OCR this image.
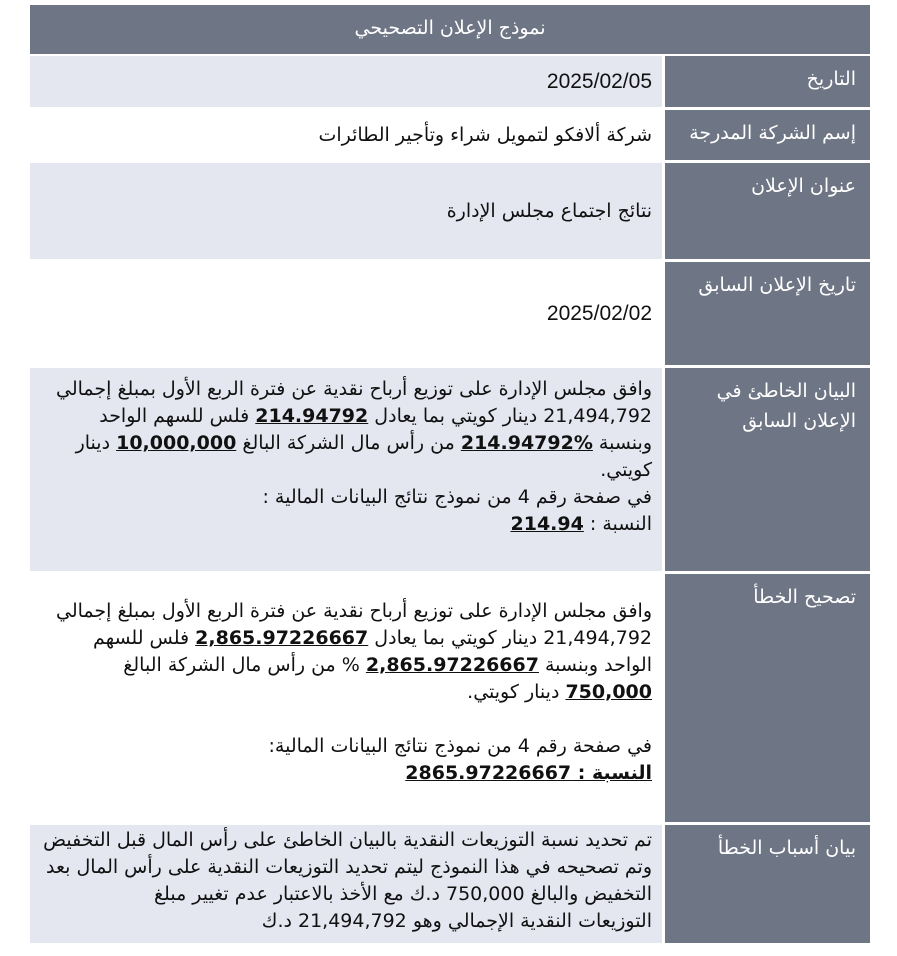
نموذج الإعلان التصحيحي
التاريخ
2025/02/05
إسم الشركة المدرجة
شركة ألافكو لتمويل شراء وتأجير الطائرات
عنوان الإعلان
نتائج اجتماع مجلس الإدارة
تاريخ الإعلان السابق
2025/02/02
البيان الخاطئ في
الإعلان السابق
وافق مجلس الإدارة على توزيع أرباح نقدية عن فترة الربع الأول بمبلغ إجمالي
21,494,792 دينار كويتي بما يعادل 214.94792 فلس للسهم الواحد
وبنسبة 214.94792% من رأس مال الشركة البالغ 10,000,000 دينار
كويتي.
في صفحة رقم 4 من نموذج نتائج البيانات المالية :
النسبة : 214.94
تصحيح الخطأ
وافق مجلس الإدارة على توزيع أرباح نقدية عن فترة الربع الأول بمبلغ إجمالي
21,494,792 دينار كويتي بما يعادل 2,865.97226667 فلس للسهم
الواحد وبنسبة 2,865.97226667 % من رأس مال الشركة البالغ
750,000 دينار كويتي.
في صفحة رقم 4 من نموذج نتائج البيانات المالية:
النسبة : 2865.97226667
بيان أسباب الخطأ
تم تحديد نسبة التوزيعات النقدية بالبيان الخاطئ على رأس المال قبل التخفيض
وتم تصحيحه في هذا النموذج ليتم تحديد التوزيعات النقدية على رأس المال بعد
التخفيض والبالغ 750,000 د.ك مع الأخذ بالاعتبار عدم تغيير مبلغ
التوزيعات النقدية الإجمالي وهو 21,494,792 د.ك
